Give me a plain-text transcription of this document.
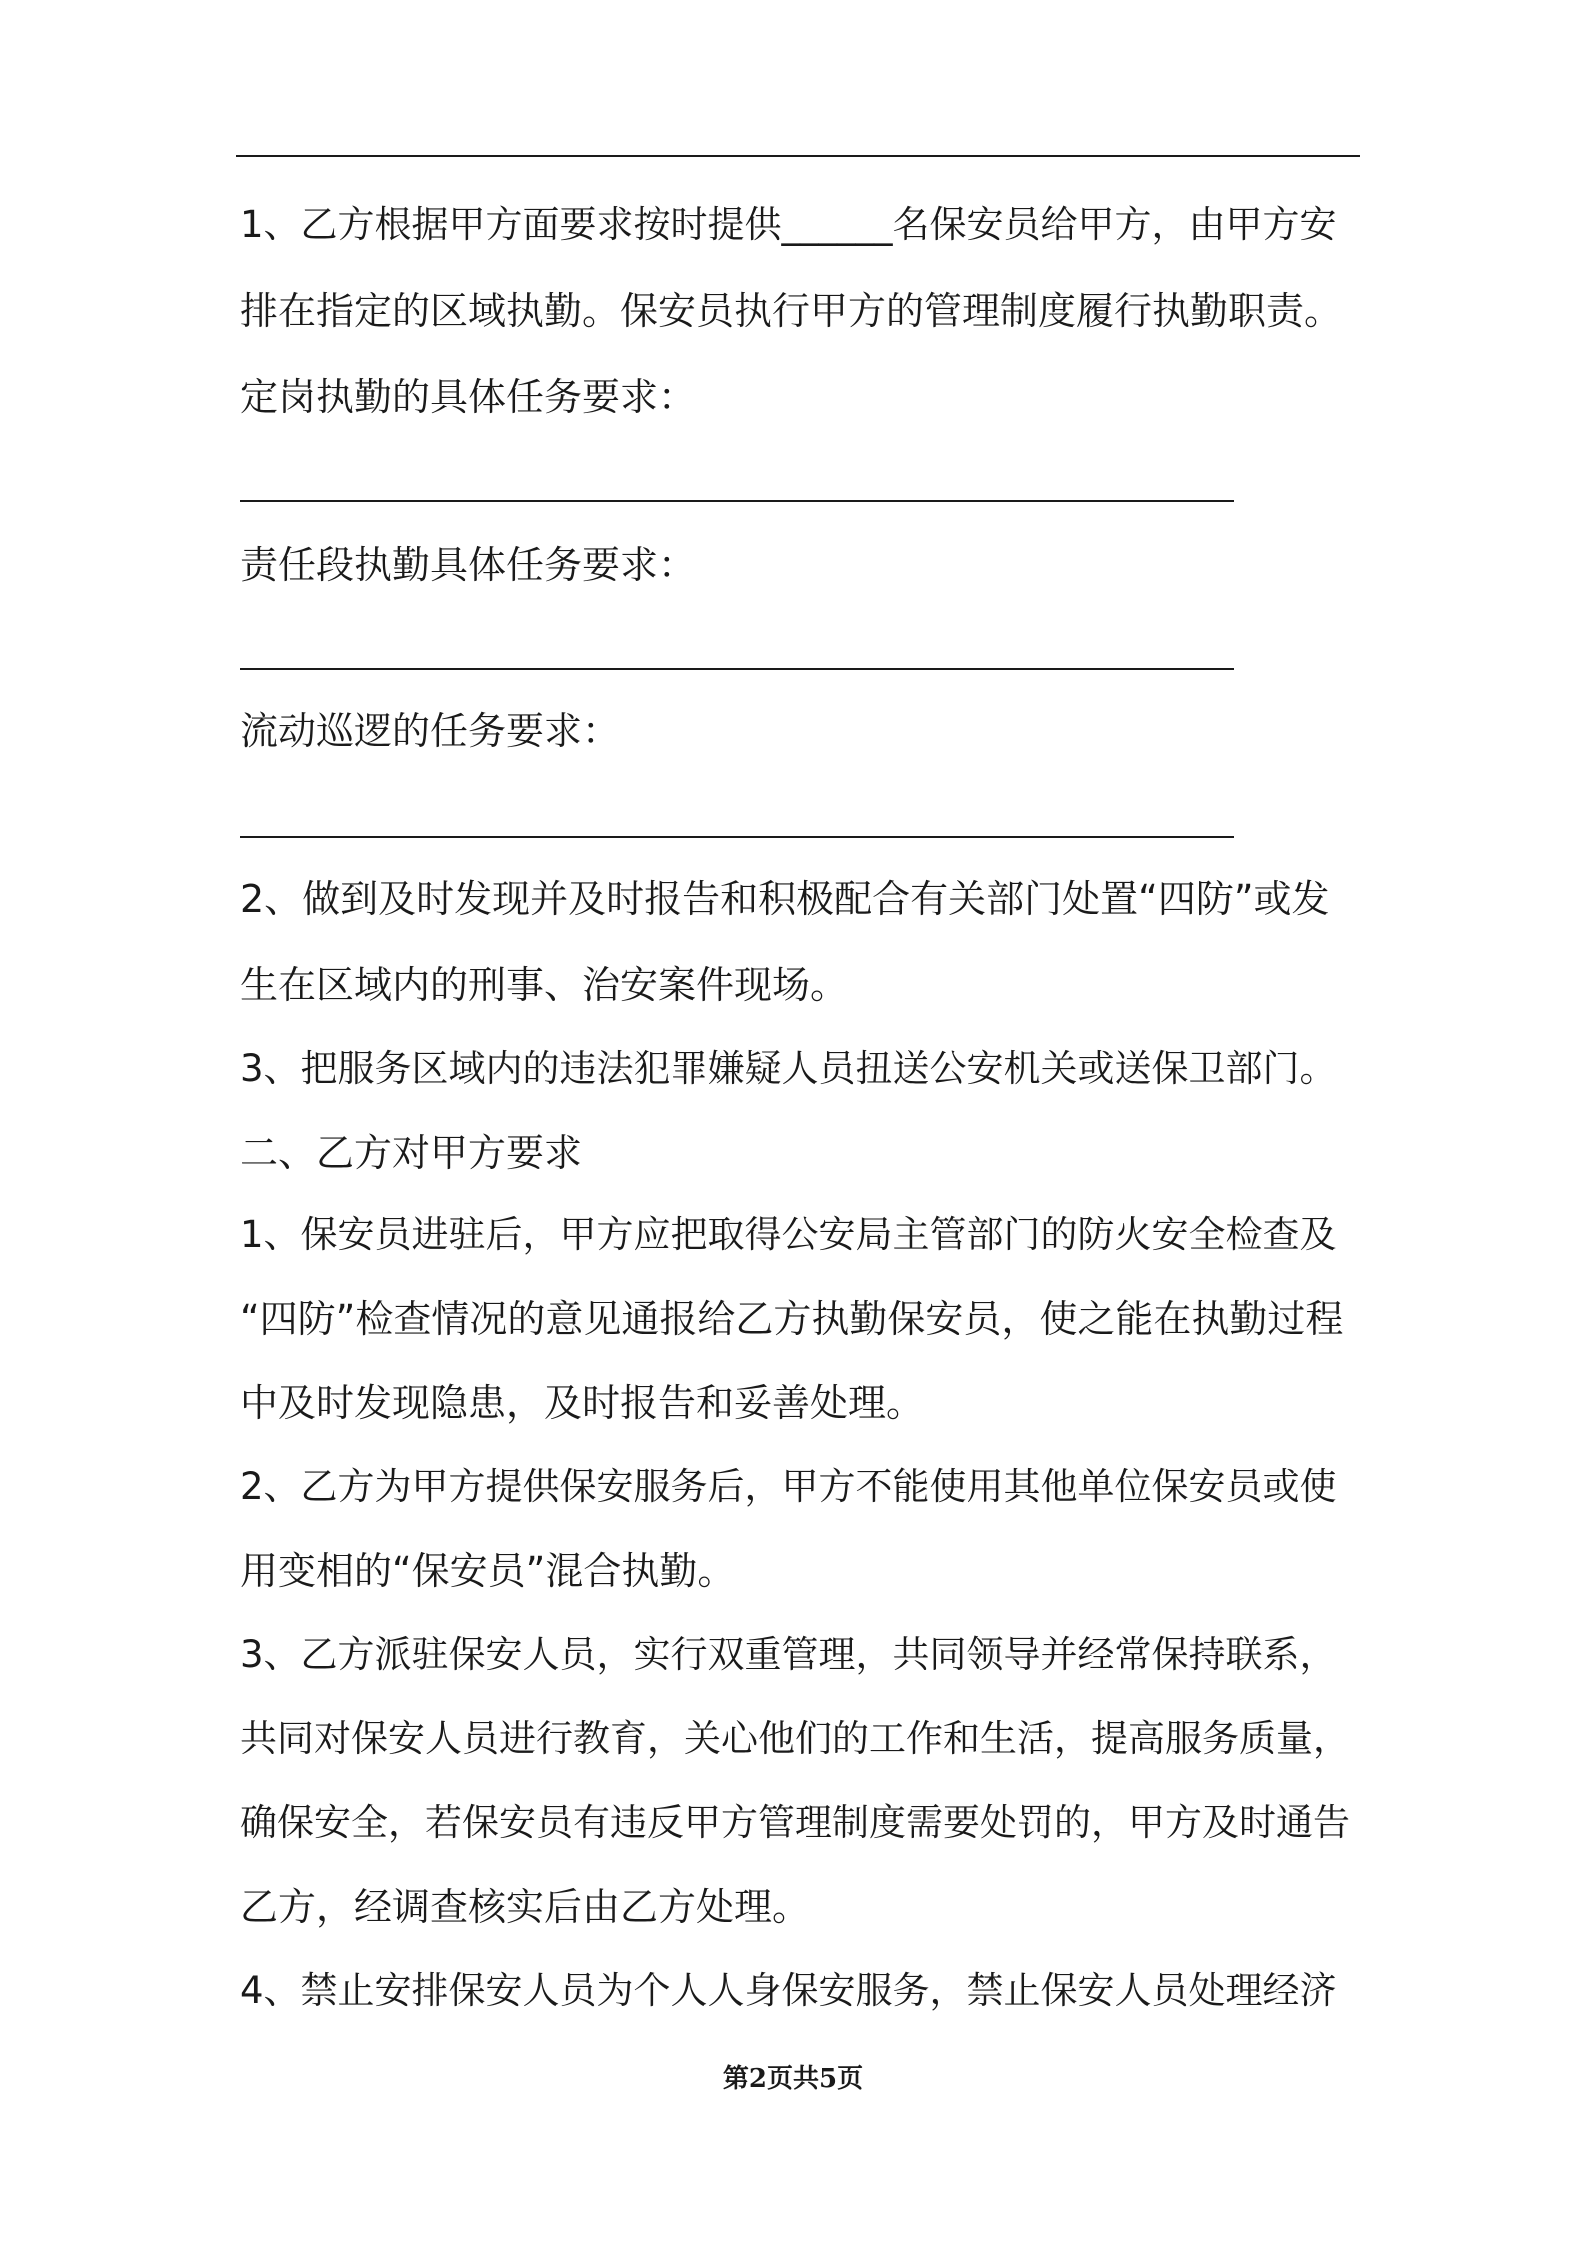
1、乙方根据甲方面要求按时提供______名保安员给甲方，由甲方安

排在指定的区域执勤。保安员执行甲方的管理制度履行执勤职责。

定岗执勤的具体任务要求：

责任段执勤具体任务要求：

流动巡逻的任务要求：

2、做到及时发现并及时报告和积极配合有关部门处置“四防”或发

生在区域内的刑事、治安案件现场。

3、把服务区域内的违法犯罪嫌疑人员扭送公安机关或送保卫部门。

二、乙方对甲方要求

1、保安员进驻后，甲方应把取得公安局主管部门的防火安全检查及

“四防”检查情况的意见通报给乙方执勤保安员，使之能在执勤过程

中及时发现隐患，及时报告和妥善处理。

2、乙方为甲方提供保安服务后，甲方不能使用其他单位保安员或使

用变相的“保安员”混合执勤。

3、乙方派驻保安人员，实行双重管理，共同领导并经常保持联系，

共同对保安人员进行教育，关心他们的工作和生活，提高服务质量，

确保安全，若保安员有违反甲方管理制度需要处罚的，甲方及时通告

乙方，经调查核实后由乙方处理。

4、禁止安排保安人员为个人人身保安服务，禁止保安人员处理经济

第2页共5页
